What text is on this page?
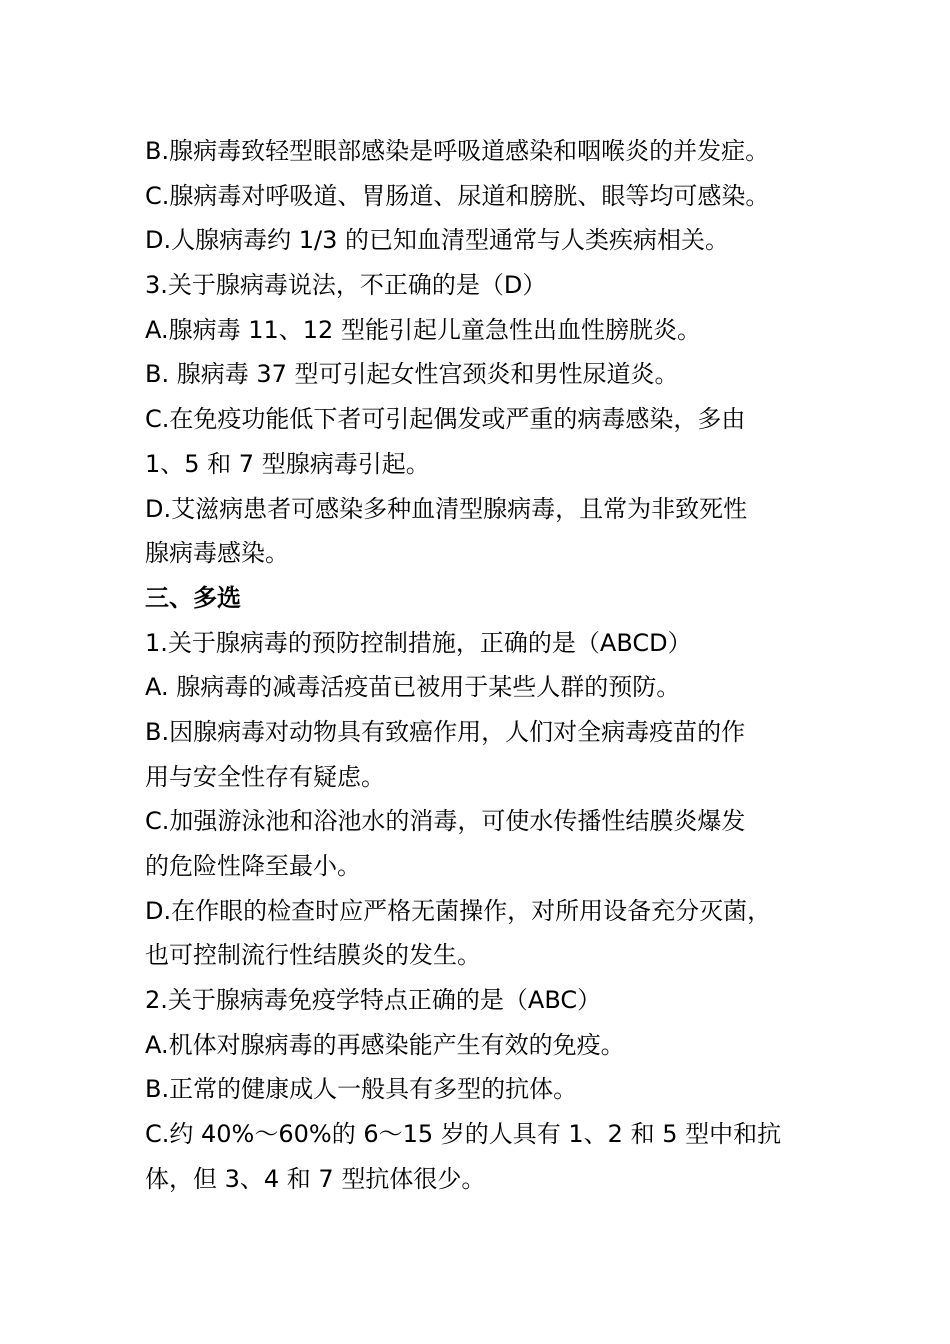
B.腺病毒致轻型眼部感染是呼吸道感染和咽喉炎的并发症。
C.腺病毒对呼吸道、胃肠道、尿道和膀胱、眼等均可感染。
D.人腺病毒约 1/3 的已知血清型通常与人类疾病相关。
3.关于腺病毒说法，不正确的是（D）
A.腺病毒 11、12 型能引起儿童急性出血性膀胱炎。
B. 腺病毒 37 型可引起女性宫颈炎和男性尿道炎。
C.在免疫功能低下者可引起偶发或严重的病毒感染，多由
1、5 和 7 型腺病毒引起。
D.艾滋病患者可感染多种血清型腺病毒，且常为非致死性
腺病毒感染。
三、多选
1.关于腺病毒的预防控制措施，正确的是（ABCD）
A. 腺病毒的减毒活疫苗已被用于某些人群的预防。
B.因腺病毒对动物具有致癌作用，人们对全病毒疫苗的作
用与安全性存有疑虑。
C.加强游泳池和浴池水的消毒，可使水传播性结膜炎爆发
的危险性降至最小。
D.在作眼的检查时应严格无菌操作，对所用设备充分灭菌，
也可控制流行性结膜炎的发生。
2.关于腺病毒免疫学特点正确的是（ABC）
A.机体对腺病毒的再感染能产生有效的免疫。
B.正常的健康成人一般具有多型的抗体。
C.约 40%～60%的 6～15 岁的人具有 1、2 和 5 型中和抗
体，但 3、4 和 7 型抗体很少。
